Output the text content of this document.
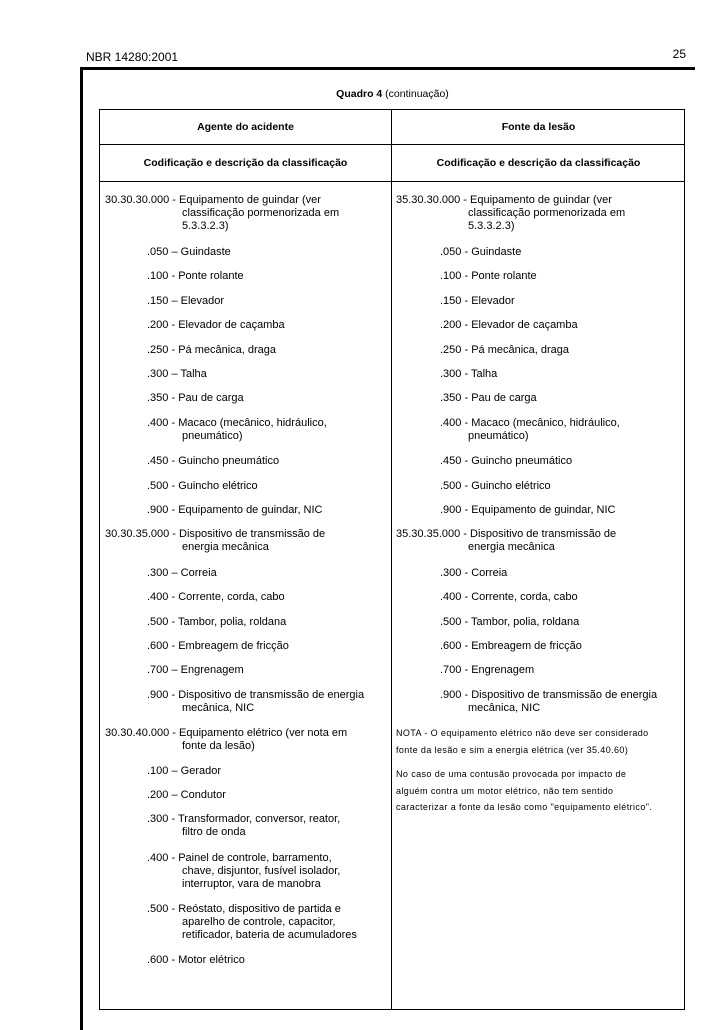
NBR 14280:2001	25
Quadro 4 (continuação)
Agente do acidente	Fonte da lesão
Codificação e descrição da classificação	Codificação e descrição da classificação
30.30.30.000 - Equipamento de guindar (ver
classificação pormenorizada em
5.3.3.2.3)
.050 – Guindaste
.100 - Ponte rolante
.150 – Elevador
.200 - Elevador de caçamba
.250 - Pá mecânica, draga
.300 – Talha
.350 - Pau de carga
.400 - Macaco (mecânico, hidráulico,
pneumático)
.450 - Guincho pneumático
.500 - Guincho elétrico
.900 - Equipamento de guindar, NIC
30.30.35.000 - Dispositivo de transmissão de
energia mecânica
.300 – Correia
.400 - Corrente, corda, cabo
.500 - Tambor, polia, roldana
.600 - Embreagem de fricção
.700 – Engrenagem
.900 - Dispositivo de transmissão de energia
mecânica, NIC
30.30.40.000 - Equipamento elétrico (ver nota em
fonte da lesão)
.100 – Gerador
.200 – Condutor
.300 - Transformador, conversor, reator,
filtro de onda
.400 - Painel de controle, barramento,
chave, disjuntor, fusível isolador,
interruptor, vara de manobra
.500 - Reóstato, dispositivo de partida e
aparelho de controle, capacitor,
retificador, bateria de acumuladores
.600 - Motor elétrico
35.30.30.000 - Equipamento de guindar (ver
classificação pormenorizada em
5.3.3.2.3)
.050 - Guindaste
.100 - Ponte rolante
.150 - Elevador
.200 - Elevador de caçamba
.250 - Pá mecânica, draga
.300 - Talha
.350 - Pau de carga
.400 - Macaco (mecânico, hidráulico,
pneumático)
.450 - Guincho pneumático
.500 - Guincho elétrico
.900 - Equipamento de guindar, NIC
35.30.35.000 - Dispositivo de transmissão de
energia mecânica
.300 - Correia
.400 - Corrente, corda, cabo
.500 - Tambor, polia, roldana
.600 - Embreagem de fricção
.700 - Engrenagem
.900 - Dispositivo de transmissão de energia
mecânica, NIC
NOTA - O equipamento elétrico não deve ser considerado
fonte da lesão e sim a energia elétrica (ver 35.40.60)
No caso de uma contusão provocada por impacto de
alguém contra um motor elétrico, não tem sentido
caracterizar a fonte da lesão como "equipamento elétrico".
